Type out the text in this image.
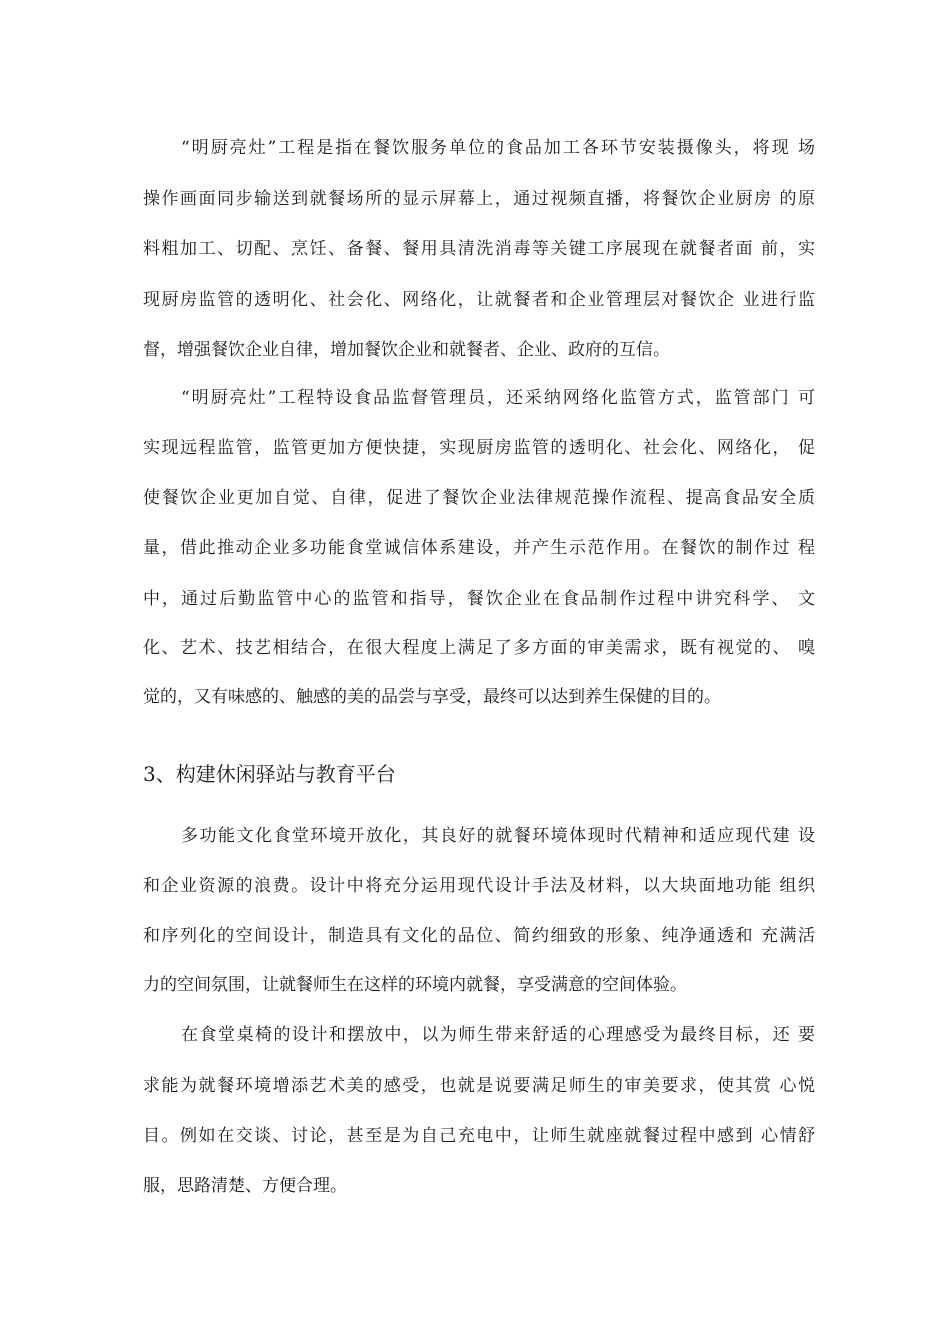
“明厨亮灶”工程是指在餐饮服务单位的食品加工各环节安装摄像头，将现 场
操作画面同步输送到就餐场所的显示屏幕上，通过视频直播，将餐饮企业厨房 的原
料粗加工、切配、烹饪、备餐、餐用具清洗消毒等关键工序展现在就餐者面 前，实
现厨房监管的透明化、社会化、网络化，让就餐者和企业管理层对餐饮企 业进行监
督，增强餐饮企业自律，增加餐饮企业和就餐者、企业、政府的互信。
“明厨亮灶”工程特设食品监督管理员，还采纳网络化监管方式，监管部门 可
实现远程监管，监管更加方便快捷，实现厨房监管的透明化、社会化、网络化， 促
使餐饮企业更加自觉、自律，促进了餐饮企业法律规范操作流程、提高食品安全质
量，借此推动企业多功能食堂诚信体系建设，并产生示范作用。在餐饮的制作过 程
中，通过后勤监管中心的监管和指导，餐饮企业在食品制作过程中讲究科学、 文
化、艺术、技艺相结合，在很大程度上满足了多方面的审美需求，既有视觉的、 嗅
觉的，又有味感的、触感的美的品尝与享受，最终可以达到养生保健的目的。
3、构建休闲驿站与教育平台
多功能文化食堂环境开放化，其良好的就餐环境体现时代精神和适应现代建 设
和企业资源的浪费。设计中将充分运用现代设计手法及材料，以大块面地功能 组织
和序列化的空间设计，制造具有文化的品位、简约细致的形象、纯净通透和 充满活
力的空间氛围，让就餐师生在这样的环境内就餐，享受满意的空间体验。
在食堂桌椅的设计和摆放中，以为师生带来舒适的心理感受为最终目标，还 要
求能为就餐环境增添艺术美的感受，也就是说要满足师生的审美要求，使其赏 心悦
目。例如在交谈、讨论，甚至是为自己充电中，让师生就座就餐过程中感到 心情舒
服，思路清楚、方便合理。
